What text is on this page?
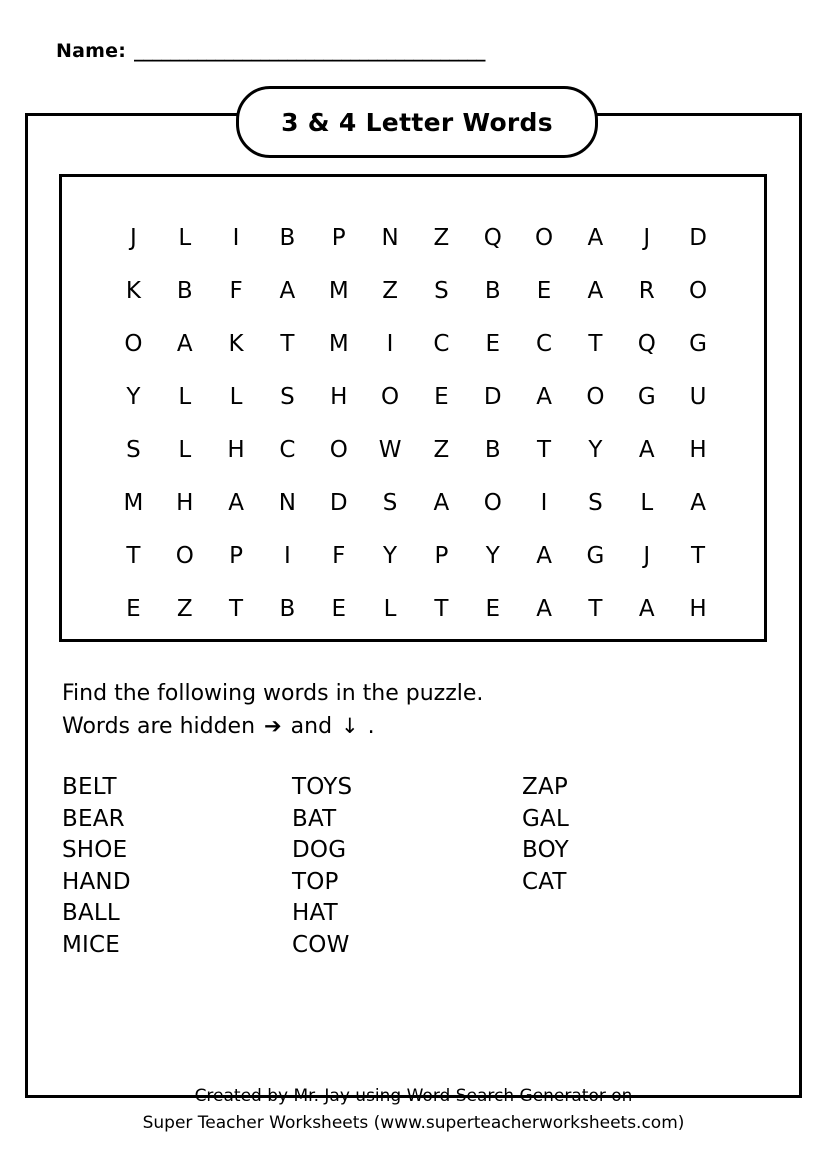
Name: _______________________________________
3 & 4 Letter Words
J	L	I	B	P	N	Z	Q	O	A	J	D
K	B	F	A	M	Z	S	B	E	A	R	O
O	A	K	T	M	I	C	E	C	T	Q	G
Y	L	L	S	H	O	E	D	A	O	G	U
S	L	H	C	O	W	Z	B	T	Y	A	H
M	H	A	N	D	S	A	O	I	S	L	A
T	O	P	I	F	Y	P	Y	A	G	J	T
E	Z	T	B	E	L	T	E	A	T	A	H
Find the following words in the puzzle.
Words are hidden ➔ and ↓ .
BELT
BEAR
SHOE
HAND
BALL
MICE
TOYS
BAT
DOG
TOP
HAT
COW
ZAP
GAL
BOY
CAT
Created by Mr. Jay using Word Search Generator on
Super Teacher Worksheets (www.superteacherworksheets.com)
